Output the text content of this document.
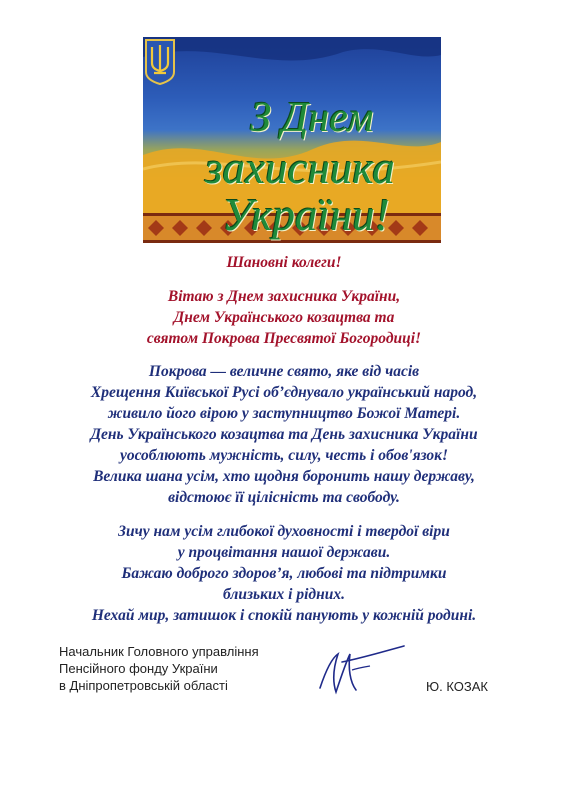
З Днем
захисника
України!
Шановні колеги!
Вітаю з Днем захисника України,
Днем Українського козацтва та
святом Покрова Пресвятої Богородиці!
Покрова — величне свято, яке від часів
Хрещення Київської Русі об’єднувало український народ,
живило його вірою у заступництво Божої Матері.
День Українського козацтва та День захисника України
уособлюють мужність, силу, честь і обов'язок!
Велика шана усім, хто щодня боронить нашу державу,
відстоює її цілісність та свободу.
Зичу нам усім глибокої духовності і твердої віри
у процвітання нашої держави.
Бажаю доброго здоров’я, любові та підтримки
близьких і рідних.
Нехай мир, затишок і спокій панують у кожній родині.
Начальник Головного управління
Пенсійного фонду України
в Дніпропетровській області	Ю. КОЗАК
